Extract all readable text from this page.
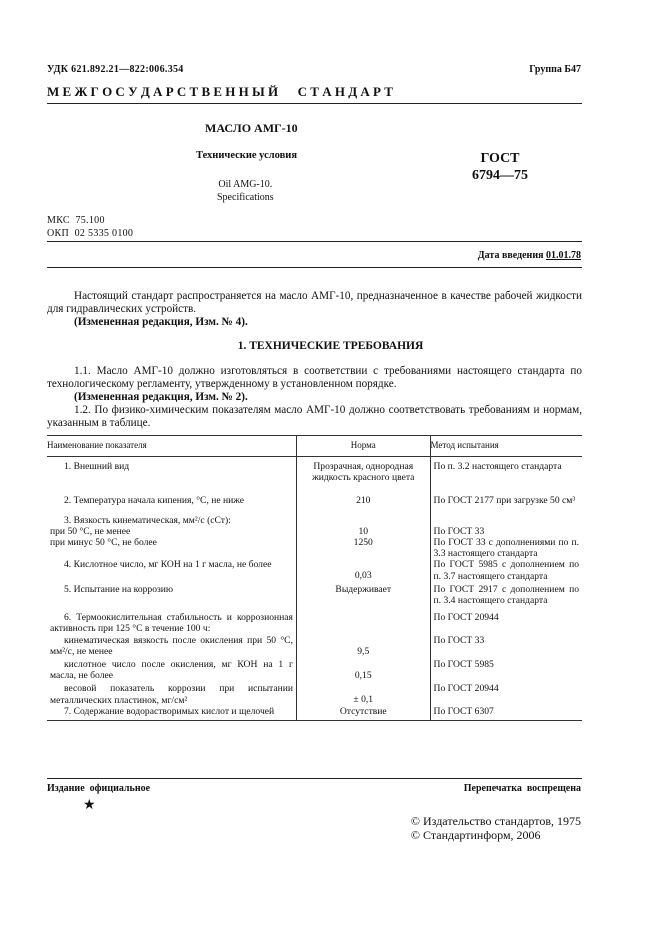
УДК 621.892.21—822:006.354	Группа Б47
М Е Ж Г О С У Д А Р С Т В Е Н Н Ы Й      С Т А Н Д А Р Т
МАСЛО АМГ-10
Технические условия	ГОСТ
6794—75
Oil AMG-10.
Specifications
МКС  75.100
ОКП  02 5335 0100
Дата введения 01.01.78
Настоящий стандарт распространяется на масло АМГ-10, предназначенное в качестве рабочей жидкости для гидравлических устройств.
(Измененная редакция, Изм. № 4).
1. ТЕХНИЧЕСКИЕ ТРЕБОВАНИЯ
1.1. Масло АМГ-10 должно изготовляться в соответствии с требованиями настоящего стандарта по технологическому регламенту, утвержденному в установленном порядке.
(Измененная редакция, Изм. № 2).
1.2. По физико-химическим показателям масло АМГ-10 должно соответствовать требованиям и нормам, указанным в таблице.
Наименование показателя	Норма	Метод испытания
1. Внешний вид	Прозрачная, однородная жидкость красного цвета	По п. 3.2 настоящего стандарта
2. Температура начала кипения, °С, не ниже	210	По ГОСТ 2177 при загрузке 50 см³
3. Вязкость кинематическая, мм²/с (сСт):		
при 50 °С, не менее	10	По ГОСТ 33
при минус 50 °С, не более	1250	По ГОСТ 33 с дополнениями по п. 3.3 настоящего стандарта
4. Кислотное число, мг КОН на 1 г масла, не более	0,03	По ГОСТ 5985 с дополнением по п. 3.7 настоящего стандарта
5. Испытание на коррозию	Выдерживает	По ГОСТ 2917 с дополнением по п. 3.4 настоящего стандарта
6. Термоокислительная стабильность и коррозионная активность при 125 °С в течение 100 ч:		По ГОСТ 20944
кинематическая вязкость после окисления при 50 °С, мм²/с, не менее	9,5	По ГОСТ 33
кислотное число после окисления, мг КОН на 1 г масла, не более	0,15	По ГОСТ 5985
весовой показатель коррозии при испытании металлических пластинок, мг/см²	± 0,1	По ГОСТ 20944
7. Содержание водорастворимых кислот и щелочей	Отсутствие	По ГОСТ 6307
Издание  официальное	Перепечатка  воспрещена
★
© Издательство стандартов, 1975
© Стандартинформ, 2006
